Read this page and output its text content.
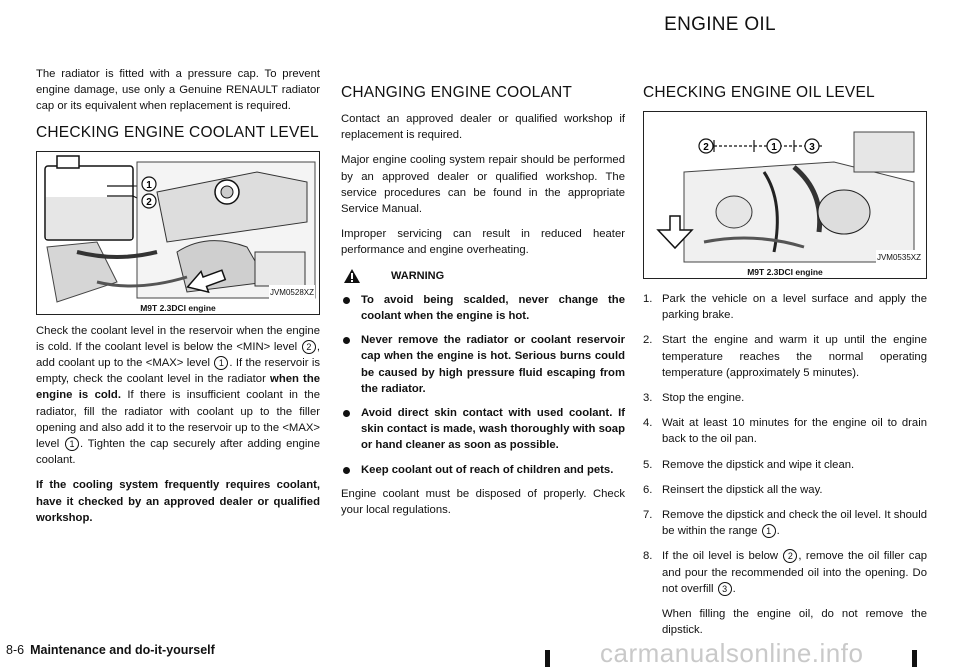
ENGINE OIL

The radiator is fitted with a pressure cap. To prevent engine damage, use only a Genuine RENAULT radiator cap or its equivalent when replacement is required.

CHECKING ENGINE COOLANT LEVEL
1
2
JVM0528XZ
M9T 2.3DCI engine

Check the coolant level in the reservoir when the engine is cold. If the coolant level is below the <MIN> level 2 , add coolant up to the <MAX> level 1 . If the reservoir is empty, check the coolant level in the radiator when the engine is cold. If there is insufficient coolant in the radiator, fill the radiator with coolant up to the filler opening and also add it to the reservoir up to the <MAX> level 1 . Tighten the cap securely after adding engine coolant.

If the cooling system frequently requires coolant, have it checked by an approved dealer or qualified workshop.

CHANGING ENGINE COOLANT

Contact an approved dealer or qualified workshop if replacement is required.

Major engine cooling system repair should be performed by an approved dealer or qualified workshop. The service procedures can be found in the appropriate Service Manual.

Improper servicing can result in reduced heater performance and engine overheating.

WARNING
To avoid being scalded, never change the coolant when the engine is hot.
Never remove the radiator or coolant reservoir cap when the engine is hot. Serious burns could be caused by high pressure fluid escaping from the radiator.
Avoid direct skin contact with used coolant. If skin contact is made, wash thoroughly with soap or hand cleaner as soon as possible.
Keep coolant out of reach of children and pets.

Engine coolant must be disposed of properly. Check your local regulations.

CHECKING ENGINE OIL LEVEL
2	1	3
JVM0535XZ
M9T 2.3DCI engine
1. Park the vehicle on a level surface and apply the parking brake.
2. Start the engine and warm it up until the engine temperature reaches the normal operating temperature (approximately 5 minutes).
3. Stop the engine.
4. Wait at least 10 minutes for the engine oil to drain back to the oil pan.
5. Remove the dipstick and wipe it clean.
6. Reinsert the dipstick all the way.
7. Remove the dipstick and check the oil level. It should be within the range 1 .
8. If the oil level is below 2 , remove the oil filler cap and pour the recommended oil into the opening. Do not overfill 3 .
When filling the engine oil, do not remove the dipstick.
8-6 Maintenance and do-it-yourself	carmanualsonline.info
